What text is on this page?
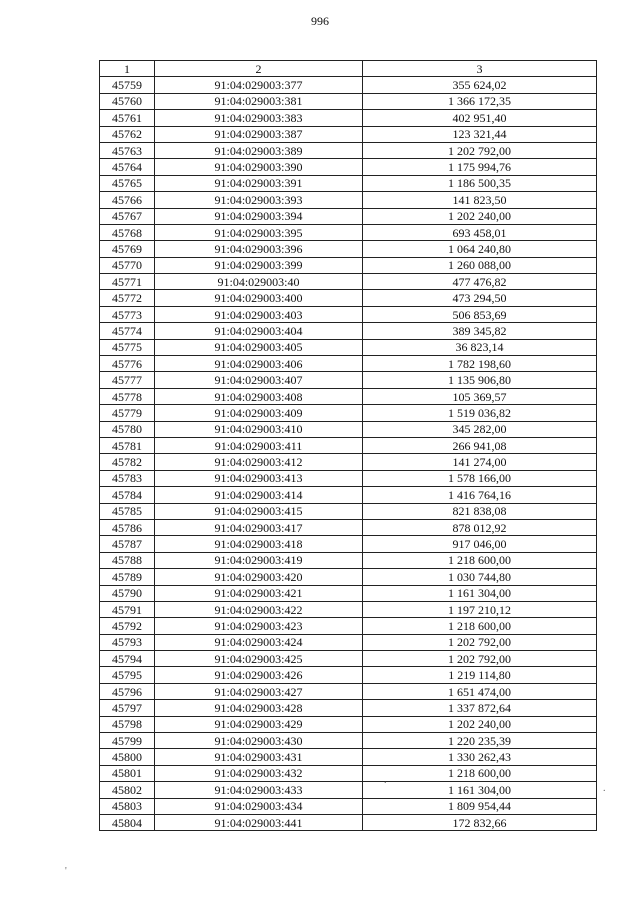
996
1	2	3
45759	91:04:029003:377	355 624,02
45760	91:04:029003:381	1 366 172,35
45761	91:04:029003:383	402 951,40
45762	91:04:029003:387	123 321,44
45763	91:04:029003:389	1 202 792,00
45764	91:04:029003:390	1 175 994,76
45765	91:04:029003:391	1 186 500,35
45766	91:04:029003:393	141 823,50
45767	91:04:029003:394	1 202 240,00
45768	91:04:029003:395	693 458,01
45769	91:04:029003:396	1 064 240,80
45770	91:04:029003:399	1 260 088,00
45771	91:04:029003:40	477 476,82
45772	91:04:029003:400	473 294,50
45773	91:04:029003:403	506 853,69
45774	91:04:029003:404	389 345,82
45775	91:04:029003:405	36 823,14
45776	91:04:029003:406	1 782 198,60
45777	91:04:029003:407	1 135 906,80
45778	91:04:029003:408	105 369,57
45779	91:04:029003:409	1 519 036,82
45780	91:04:029003:410	345 282,00
45781	91:04:029003:411	266 941,08
45782	91:04:029003:412	141 274,00
45783	91:04:029003:413	1 578 166,00
45784	91:04:029003:414	1 416 764,16
45785	91:04:029003:415	821 838,08
45786	91:04:029003:417	878 012,92
45787	91:04:029003:418	917 046,00
45788	91:04:029003:419	1 218 600,00
45789	91:04:029003:420	1 030 744,80
45790	91:04:029003:421	1 161 304,00
45791	91:04:029003:422	1 197 210,12
45792	91:04:029003:423	1 218 600,00
45793	91:04:029003:424	1 202 792,00
45794	91:04:029003:425	1 202 792,00
45795	91:04:029003:426	1 219 114,80
45796	91:04:029003:427	1 651 474,00
45797	91:04:029003:428	1 337 872,64
45798	91:04:029003:429	1 202 240,00
45799	91:04:029003:430	1 220 235,39
45800	91:04:029003:431	1 330 262,43
45801	91:04:029003:432	1 218 600,00
45802	91:04:029003:433	1 161 304,00
45803	91:04:029003:434	1 809 954,44
45804	91:04:029003:441	172 832,66
.
.
'
